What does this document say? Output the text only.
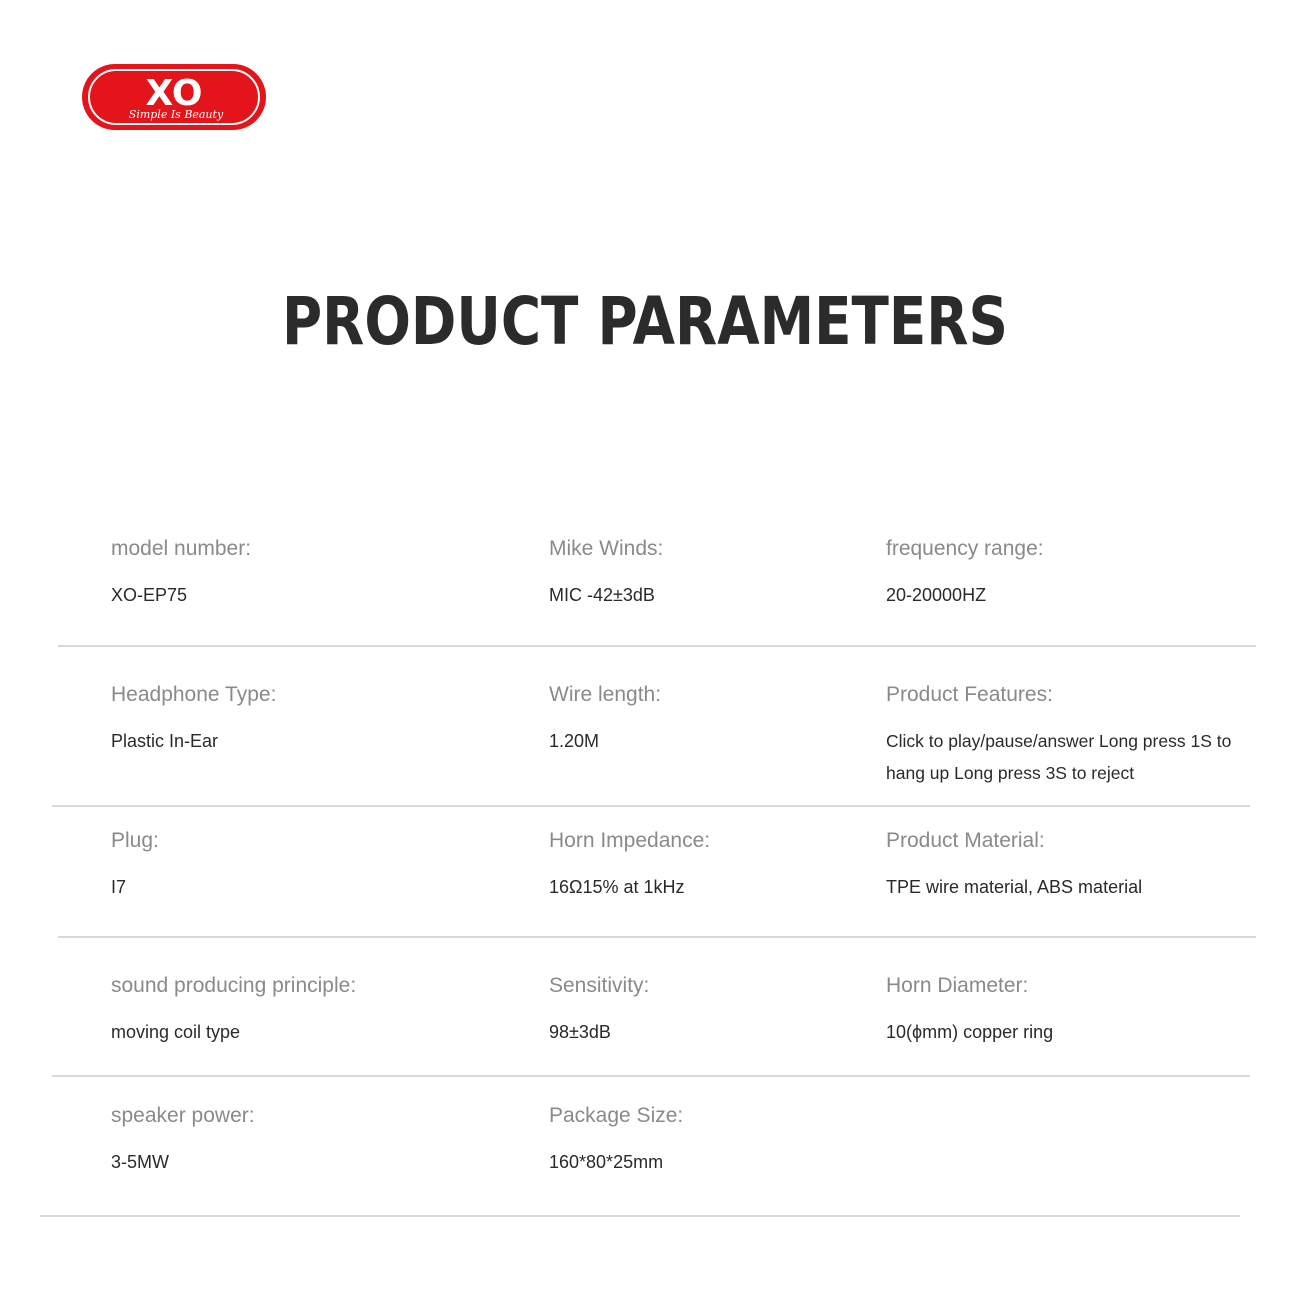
XO
Simple Is Beauty
PRODUCT PARAMETERS
model number:
XO-EP75
Mike Winds:
MIC -42±3dB
frequency range:
20-20000HZ
Headphone Type:
Plastic In-Ear
Wire length:
1.20M
Product Features:
Click to play/pause/answer Long press 1S to hang up Long press 3S to reject
Plug:
I7
Horn Impedance:
16Ω15% at 1kHz
Product Material:
TPE wire material, ABS material
sound producing principle:
moving coil type
Sensitivity:
98±3dB
Horn Diameter:
10(ϕmm) copper ring
speaker power:
3-5MW
Package Size:
160*80*25mm
